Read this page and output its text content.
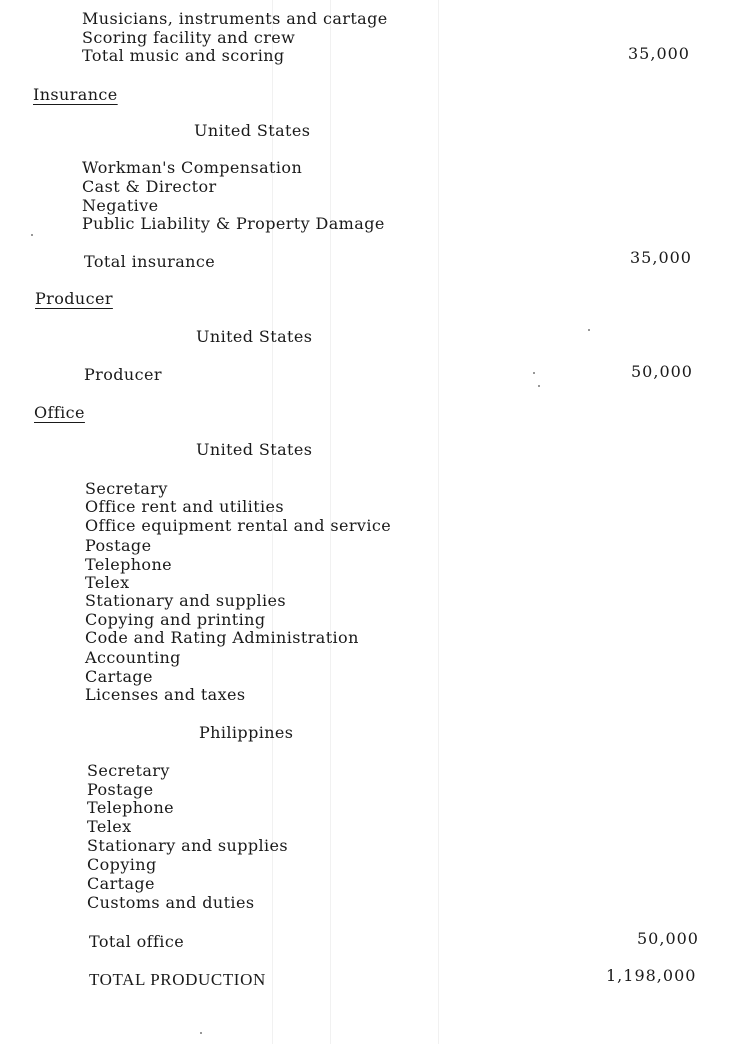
Musicians, instruments and cartage
Scoring facility and crew
Total music and scoring	35,000
Insurance
United States
Workman's Compensation
Cast & Director
Negative
Public Liability & Property Damage
Total insurance	35,000
Producer
United States
Producer	50,000
Office
United States
Secretary
Office rent and utilities
Office equipment rental and service
Postage
Telephone
Telex
Stationary and supplies
Copying and printing
Code and Rating Administration
Accounting
Cartage
Licenses and taxes
Philippines
Secretary
Postage
Telephone
Telex
Stationary and supplies
Copying
Cartage
Customs and duties
Total office	50,000
TOTAL PRODUCTION	1,198,000
